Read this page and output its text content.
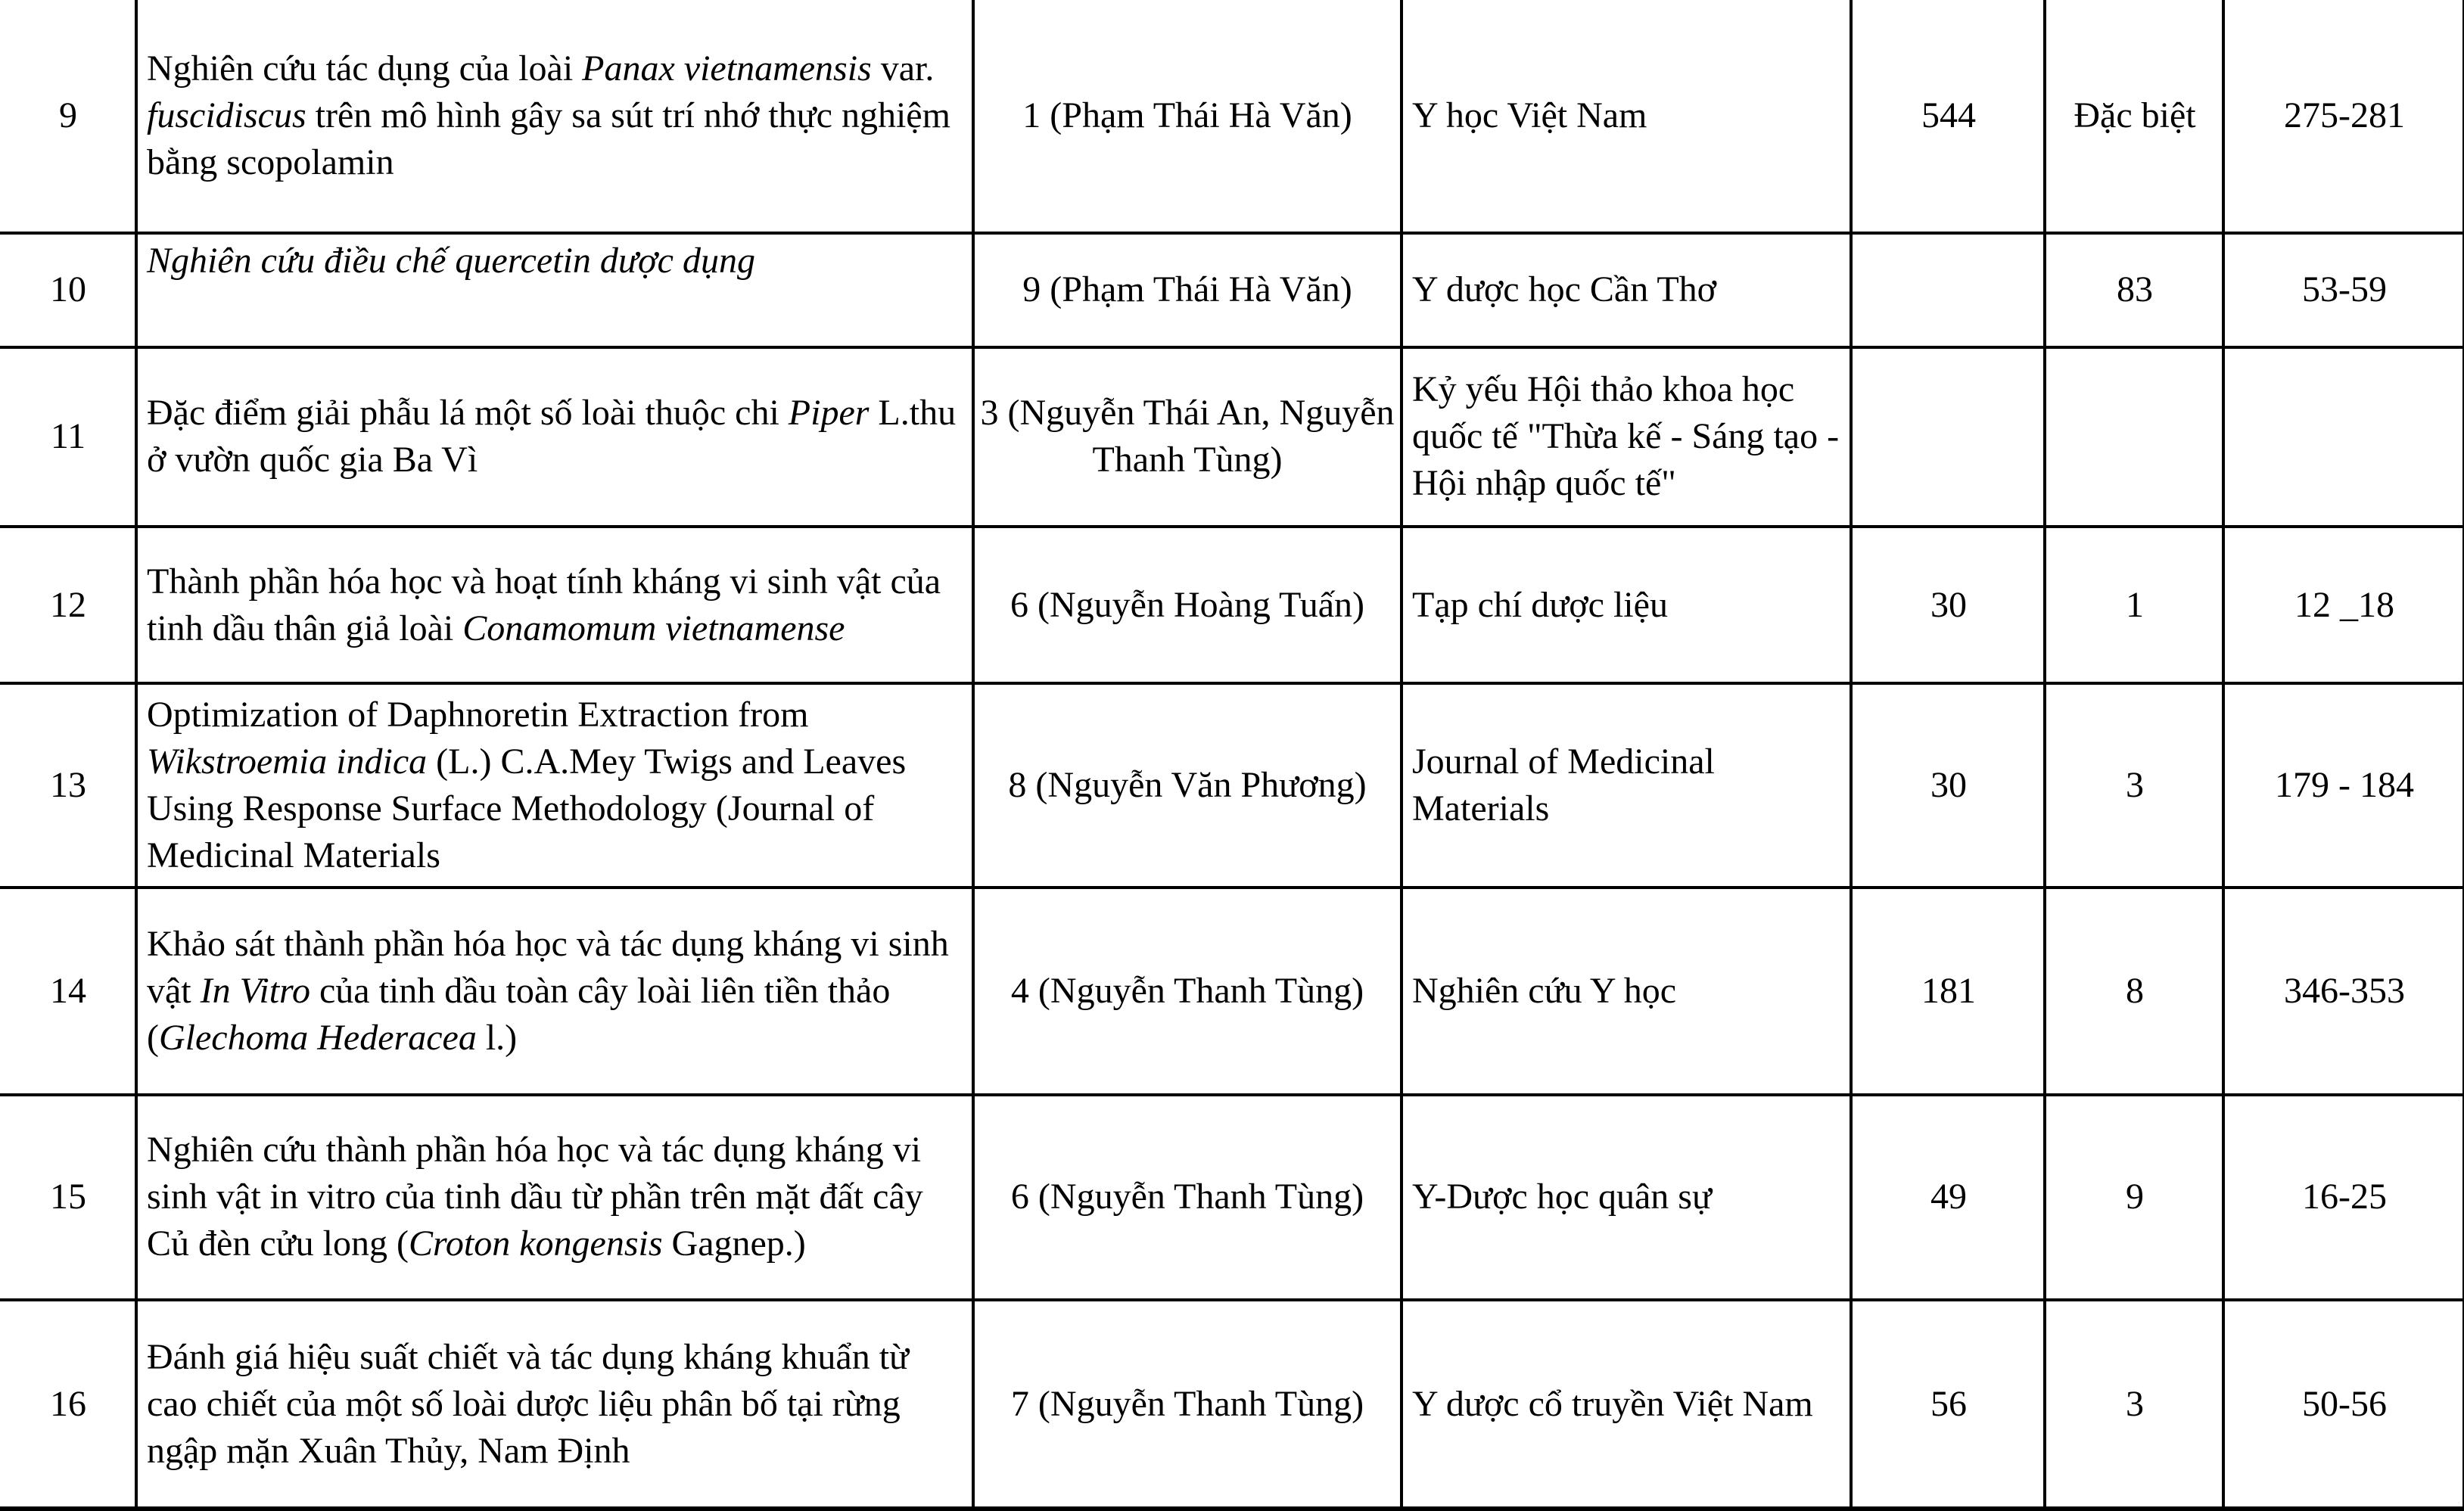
9	Nghiên cứu tác dụng của loài Panax vietnamensis var. fuscidiscus trên mô hình gây sa sút trí nhớ thực nghiệm bằng scopolamin	1 (Phạm Thái Hà Văn)	Y học Việt Nam	544	Đặc biệt	275-281
10	Nghiên cứu điều chế quercetin dược dụng	9 (Phạm Thái Hà Văn)	Y dược học Cần Thơ		83	53-59
11	Đặc điểm giải phẫu lá một số loài thuộc chi Piper L.thu ở vườn quốc gia Ba Vì	3 (Nguyễn Thái An, Nguyễn Thanh Tùng)	Kỷ yếu Hội thảo khoa học quốc tế "Thừa kế - Sáng tạo - Hội nhập quốc tế"			
12	Thành phần hóa học và hoạt tính kháng vi sinh vật của tinh dầu thân giả loài Conamomum vietnamense	6 (Nguyễn Hoàng Tuấn)	Tạp chí dược liệu	30	1	12 _18
13	Optimization of Daphnoretin Extraction from Wikstroemia indica (L.) C.A.Mey Twigs and Leaves Using Response Surface Methodology (Journal of Medicinal Materials	8 (Nguyễn Văn Phương)	Journal of Medicinal Materials	30	3	179 - 184
14	Khảo sát thành phần hóa học và tác dụng kháng vi sinh vật In Vitro của tinh dầu toàn cây loài liên tiền thảo (Glechoma Hederacea l.)	4 (Nguyễn Thanh Tùng)	Nghiên cứu Y học	181	8	346-353
15	Nghiên cứu thành phần hóa học và tác dụng kháng vi sinh vật in vitro của tinh dầu từ phần trên mặt đất cây Củ đèn cửu long (Croton kongensis Gagnep.)	6 (Nguyễn Thanh Tùng)	Y-Dược học quân sự	49	9	16-25
16	Đánh giá hiệu suất chiết và tác dụng kháng khuẩn từ cao chiết của một số loài dược liệu phân bố tại rừng ngập mặn Xuân Thủy, Nam Định	7 (Nguyễn Thanh Tùng)	Y dược cổ truyền Việt Nam	56	3	50-56
